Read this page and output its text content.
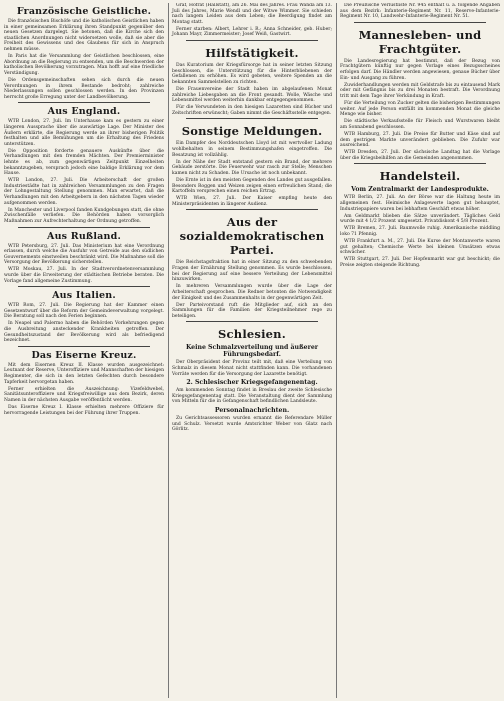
Französische Geistliche.

Die französischen Bischöfe und die katholischen Geistlichen haben in einer gemeinsamen Erklärung ihren Standpunkt gegenüber den neuen Gesetzen dargelegt. Sie betonen, daß die Kirche sich den staatlichen Anordnungen nicht widersetzen wolle, daß sie aber die Freiheit des Gewissens und des Glaubens für sich in Anspruch nehmen müsse.

In Paris hat die Versammlung der Geistlichen beschlossen, eine Abordnung an die Regierung zu entsenden, um die Beschwerden der katholischen Bevölkerung vorzutragen. Man hofft auf eine friedliche Verständigung.

Die Ordensgemeinschaften sehen sich durch die neuen Verordnungen in ihrem Bestande bedroht; zahlreiche Niederlassungen sollen geschlossen werden. In den Provinzen herrscht große Erregung unter der Landbevölkerung.

Aus England.

WTB London, 27. Juli. Im Unterhause kam es gestern zu einer längeren Aussprache über die auswärtige Lage. Der Minister des Äußern erklärte, die Regierung werde an ihrer bisherigen Politik festhalten und alle Bemühungen um die Erhaltung des Friedens unterstützen.

Die Opposition forderte genauere Auskünfte über die Verhandlungen mit den fremden Mächten. Der Premierminister lehnte es ab, zum gegenwärtigen Zeitpunkt Einzelheiten bekanntzugeben, versprach jedoch eine baldige Erklärung vor dem Hause.

WTB London, 27. Juli. Die Arbeiterschaft der großen Industriestädte hat in zahlreichen Versammlungen zu den Fragen der Lohngestaltung Stellung genommen. Man erwartet, daß die Verhandlungen mit den Arbeitgebern in den nächsten Tagen wieder aufgenommen werden.

In Manchester und Liverpool fanden Kundgebungen statt, die ohne Zwischenfälle verliefen. Die Behörden haben vorsorglich Maßnahmen zur Aufrechterhaltung der Ordnung getroffen.

Aus Rußland.

WTB Petersburg, 27. Juli. Das Ministerium hat eine Verordnung erlassen, durch welche die Ausfuhr von Getreide aus den südlichen Gouvernements einstweilen beschränkt wird. Die Maßnahme soll die Versorgung der Bevölkerung sicherstellen.

WTB Moskau, 27. Juli. In der Stadtverordnetenversammlung wurde über die Erweiterung der städtischen Betriebe beraten. Die Vorlage fand allgemeine Zustimmung.

Aus Italien.

WTB Rom, 27. Juli. Die Regierung hat der Kammer einen Gesetzentwurf über die Reform der Gemeindeverwaltung vorgelegt. Die Beratung soll nach den Ferien beginnen.

In Neapel und Palermo haben die Behörden Vorkehrungen gegen die Ausbreitung ansteckender Krankheiten getroffen. Der Gesundheitszustand der Bevölkerung wird als befriedigend bezeichnet.

Das Eiserne Kreuz.

Mit dem Eisernen Kreuz II. Klasse wurden ausgezeichnet: Leutnant der Reserve, Unteroffiziere und Mannschaften der hiesigen Regimenter, die sich in den letzten Gefechten durch besondere Tapferkeit hervorgetan haben.

Ferner erhielten die Auszeichnung: Vizefeldwebel, Sanitätsunteroffiziere und Kriegsfreiwillige aus dem Bezirk, deren Namen in der nächsten Ausgabe veröffentlicht werden.

Das Eiserne Kreuz I. Klasse erhielten mehrere Offiziere für hervorragende Leistungen bei der Führung ihrer Truppen.

Graf, Hofrat (Hallstatt), am 26. Mai des Jahres. Frau Wanda am 13. Juli des Jahres, Marie Wendl und der Witwe Wimmer. Sie schieden nach langem Leiden aus dem Leben; die Beerdigung findet am Montag statt.

Ferner starben: Albert, Lehrer i. R.; Anna Schneider, geb. Huber; Johann Mayr, Zimmermeister; Josef Weiß, Gastwirt.

Hilfstätigkeit.

Das Kuratorium der Kriegsfürsorge hat in seiner letzten Sitzung beschlossen, die Unterstützung für die Hinterbliebenen der Gefallenen zu erhöhen. Es wird gebeten, weitere Spenden an die bekannten Sammelstellen zu richten.

Die Frauenvereine der Stadt haben im abgelaufenen Monat zahlreiche Liebesgaben an die Front gesandt. Wolle, Wäsche und Lebensmittel werden weiterhin dankbar entgegengenommen.

Für die Verwundeten in den hiesigen Lazaretten sind Bücher und Zeitschriften erwünscht; Gaben nimmt die Geschäftsstelle entgegen.

Sonstige Meldungen.

Ein Dampfer des Norddeutschen Lloyd ist mit wertvoller Ladung wohlbehalten in seinem Bestimmungshafen eingetroffen. Die Besatzung ist vollzählig.

In der Nähe der Stadt entstand gestern ein Brand, der mehrere Gebäude zerstörte. Die Feuerwehr war rasch zur Stelle; Menschen kamen nicht zu Schaden. Die Ursache ist noch unbekannt.

Die Ernte ist in den meisten Gegenden des Landes gut ausgefallen. Besonders Roggen und Weizen zeigen einen erfreulichen Stand; die Kartoffeln versprechen einen reichen Ertrag.

WTB Wien, 27. Juli. Der Kaiser empfing heute den Ministerpräsidenten in längerer Audienz.

Aus der sozialdemokratischen Partei.

Die Reichstagsfraktion hat in einer Sitzung zu den schwebenden Fragen der Ernährung Stellung genommen. Es wurde beschlossen, bei der Regierung auf eine bessere Verteilung der Lebensmittel hinzuwirken.

In mehreren Versammlungen wurde über die Lage der Arbeiterschaft gesprochen. Die Redner betonten die Notwendigkeit der Einigkeit und des Zusammenhalts in der gegenwärtigen Zeit.

Der Parteivorstand ruft die Mitglieder auf, sich an den Sammlungen für die Familien der Kriegsteilnehmer rege zu beteiligen.

Schlesien.
Keine Schmalzverteilung und äußerer Führungsbedarf.

Der Oberpräsident der Provinz teilt mit, daß eine Verteilung von Schmalz in diesem Monat nicht stattfinden kann. Die vorhandenen Vorräte werden für die Versorgung der Lazarette benötigt.

2. Schlesischer Kriegsgefangenentag.

Am kommenden Sonntag findet in Breslau der zweite Schlesische Kriegsgefangenentag statt. Die Veranstaltung dient der Sammlung von Mitteln für die in Gefangenschaft befindlichen Landsleute.

Personalnachrichten.

Zu Gerichtsassessoren wurden ernannt die Referendare Müller und Schulz. Versetzt wurde Amtsrichter Weber von Glatz nach Görlitz.

Die Preußische Verlustliste Nr. 945 enthält u. a. folgende Angaben aus dem Bezirk: Infanterie-Regiment Nr. 11, Reserve-Infanterie-Regiment Nr. 10, Landwehr-Infanterie-Regiment Nr. 51.

Mannesleben- und Frachtgüter.

Die Landesregierung hat bestimmt, daß der Bezug von Frachtgütern künftig nur gegen Vorlage eines Bezugsscheines erfolgen darf. Die Händler werden angewiesen, genaue Bücher über Ein- und Ausgang zu führen.

Zuwiderhandlungen werden mit Geldstrafe bis zu eintausend Mark oder mit Gefängnis bis zu drei Monaten bestraft. Die Verordnung tritt mit dem Tage ihrer Verkündung in Kraft.

Für die Verteilung von Zucker gelten die bisherigen Bestimmungen weiter. Auf jede Person entfällt im kommenden Monat die gleiche Menge wie bisher.

Die städtische Verkaufsstelle für Fleisch und Wurstwaren bleibt am Sonnabend geschlossen.

WTB Hamburg, 27. Juli. Die Preise für Butter und Käse sind auf dem gestrigen Markte unverändert geblieben. Die Zufuhr war ausreichend.

WTB Dresden, 27. Juli. Der sächsische Landtag hat die Vorlage über die Kriegsbeihilfen an die Gemeinden angenommen.

Handelsteil.
Vom Zentralmarkt der Landesprodukte.

WTB Berlin, 27. Juli. An der Börse war die Haltung heute im allgemeinen fest. Heimische Anlagewerte lagen gut behauptet, Industriepapiere waren bei lebhaftem Geschäft etwas höher.

Am Geldmarkt blieben die Sätze unverändert. Tägliches Geld wurde mit 4 1/2 Prozent umgesetzt. Privatdiskont 4 5/8 Prozent.

WTB Bremen, 27. Juli. Baumwolle ruhig. Amerikanische middling loko 71 Pfennig.

WTB Frankfurt a. M., 27. Juli. Die Kurse der Montanwerte waren gut gehalten; Chemische Werte bei kleinen Umsätzen etwas schwächer.

WTB Stuttgart, 27. Juli. Der Hopfenmarkt war gut beschickt; die Preise zeigten steigende Richtung.
